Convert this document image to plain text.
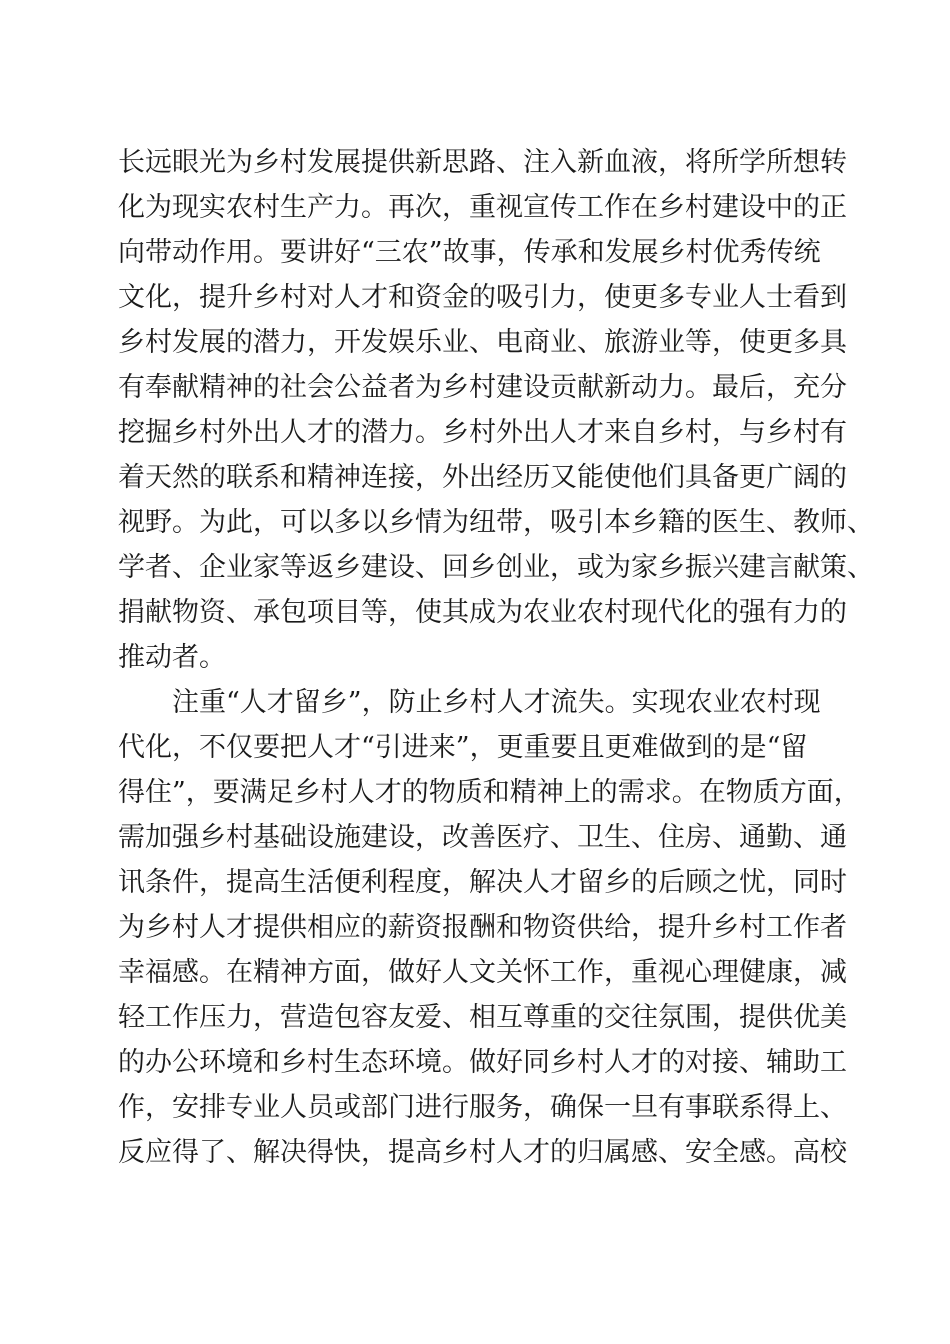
长远眼光为乡村发展提供新思路、注入新血液，将所学所想转
化为现实农村生产力。再次，重视宣传工作在乡村建设中的正
向带动作用。要讲好“三农”故事，传承和发展乡村优秀传统
文化，提升乡村对人才和资金的吸引力，使更多专业人士看到
乡村发展的潜力，开发娱乐业、电商业、旅游业等，使更多具
有奉献精神的社会公益者为乡村建设贡献新动力。最后，充分
挖掘乡村外出人才的潜力。乡村外出人才来自乡村，与乡村有
着天然的联系和精神连接，外出经历又能使他们具备更广阔的
视野。为此，可以多以乡情为纽带，吸引本乡籍的医生、教师、
学者、企业家等返乡建设、回乡创业，或为家乡振兴建言献策、
捐献物资、承包项目等，使其成为农业农村现代化的强有力的
推动者。
注重“人才留乡”，防止乡村人才流失。实现农业农村现
代化，不仅要把人才“引进来”，更重要且更难做到的是“留
得住”，要满足乡村人才的物质和精神上的需求。在物质方面，
需加强乡村基础设施建设，改善医疗、卫生、住房、通勤、通
讯条件，提高生活便利程度，解决人才留乡的后顾之忧，同时
为乡村人才提供相应的薪资报酬和物资供给，提升乡村工作者
幸福感。在精神方面，做好人文关怀工作，重视心理健康，减
轻工作压力，营造包容友爱、相互尊重的交往氛围，提供优美
的办公环境和乡村生态环境。做好同乡村人才的对接、辅助工
作，安排专业人员或部门进行服务，确保一旦有事联系得上、
反应得了、解决得快，提高乡村人才的归属感、安全感。高校
